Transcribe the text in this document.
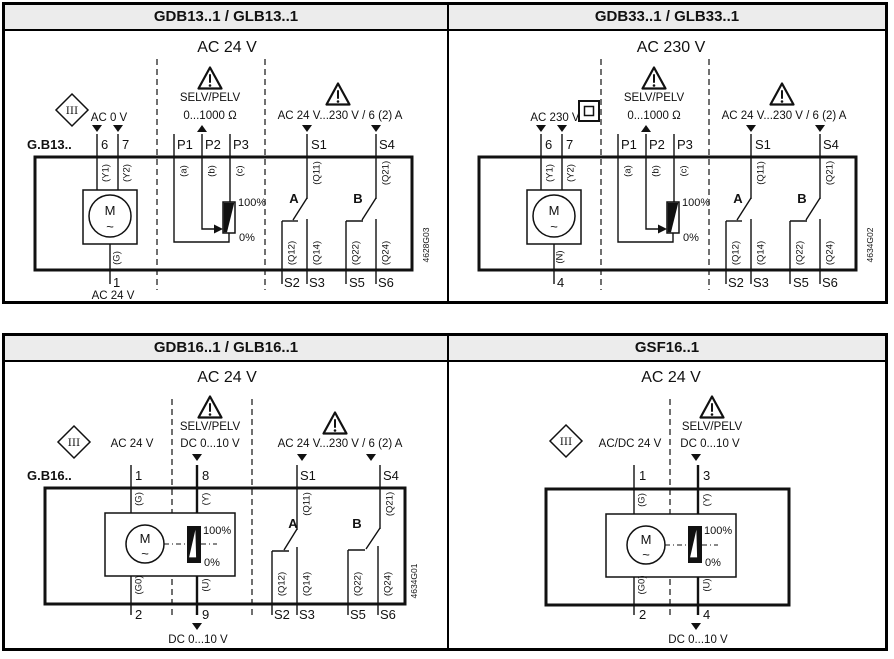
GDB13..1 / GLB13..1	GDB33..1 / GLB33..1
AC 24 V
SELV/PELV
0...1000 Ω	AC 24 V...230 V / 6 (2) A
III
AC 0 V
G.B13.. 6 7	P1 P2 P3	S1	S4
4628G03
(Y1) (Y2)
M
~
(G)
1
AC 24 V
(a) (b) (c)
100%
0%
A
(Q11)
(Q12) (Q14)
B
(Q21)
(Q22) (Q24)
S2 S3 S5 S6
AC 230 V
SELV/PELV
0...1000 Ω	AC 24 V...230 V / 6 (2) A
AC 230 V
6 7	P1 P2 P3	S1	S4
4634G02
(Y1) (Y2)
M
~
(N)
4
(a) (b) (c)
100%
0%
A
(Q11)
(Q12) (Q14)
B
(Q21)
(Q22) (Q24)
S2 S3 S5 S6
GDB16..1 / GLB16..1	GSF16..1
AC 24 V
SELV/PELV
DC 0...10 V	AC 24 V...230 V / 6 (2) A
III	AC 24 V
G.B16..	1	8	S1	S4
4634G01
(G)	(Y)
M
~
100%
0%
(G0)	(U)
A
(Q11)
(Q12) (Q14)
B
(Q21)
(Q22) (Q24)
2	9	S2 S3	S5 S6
DC 0...10 V
AC 24 V
SELV/PELV
DC 0...10 V
III AC/DC 24 V
1	3
(G)	(Y)
M
~
100%
0%
(G0)	(U)
2	4
DC 0...10 V
